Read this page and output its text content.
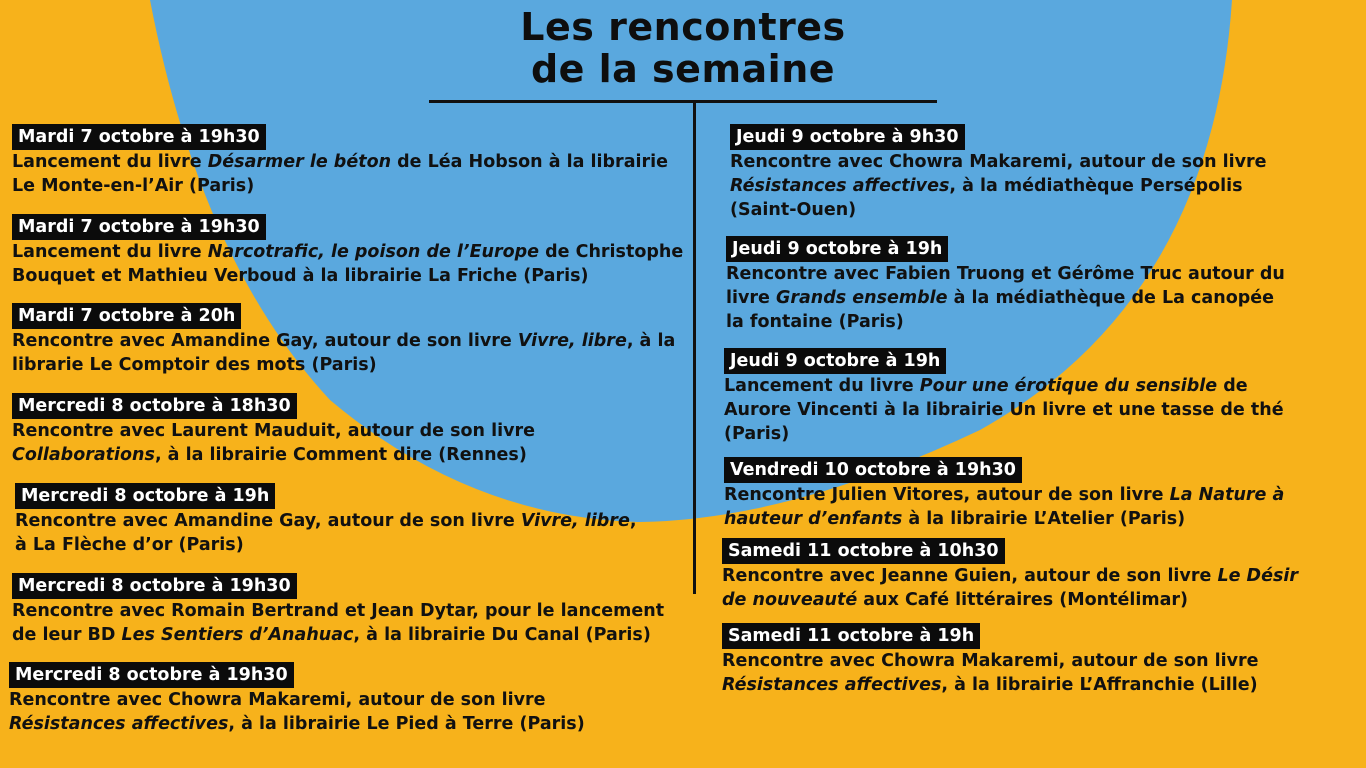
Les rencontres
de la semaine
Mardi 7 octobre à 19h30
Lancement du livre Désarmer le béton de Léa Hobson à la librairie
Le Monte-en-l’Air (Paris)
Mardi 7 octobre à 19h30
Lancement du livre Narcotrafic, le poison de l’Europe de Christophe
Bouquet et Mathieu Verboud à la librairie La Friche (Paris)
Mardi 7 octobre à 20h
Rencontre avec Amandine Gay, autour de son livre Vivre, libre, à la
librarie Le Comptoir des mots (Paris)
Mercredi 8 octobre à 18h30
Rencontre avec Laurent Mauduit, autour de son livre
Collaborations, à la librairie Comment dire (Rennes)
Mercredi 8 octobre à 19h
Rencontre avec Amandine Gay, autour de son livre Vivre, libre,
à La Flèche d’or (Paris)
Mercredi 8 octobre à 19h30
Rencontre avec Romain Bertrand et Jean Dytar, pour le lancement
de leur BD Les Sentiers d’Anahuac, à la librairie Du Canal (Paris)
Mercredi 8 octobre à 19h30
Rencontre avec Chowra Makaremi, autour de son livre
Résistances affectives, à la librairie Le Pied à Terre (Paris)
Jeudi 9 octobre à 9h30
Rencontre avec Chowra Makaremi, autour de son livre
Résistances affectives, à la médiathèque Persépolis
(Saint-Ouen)
Jeudi 9 octobre à 19h
Rencontre avec Fabien Truong et Gérôme Truc autour du
livre Grands ensemble à la médiathèque de La canopée
la fontaine (Paris)
Jeudi 9 octobre à 19h
Lancement du livre Pour une érotique du sensible de
Aurore Vincenti à la librairie Un livre et une tasse de thé
(Paris)
Vendredi 10 octobre à 19h30
Rencontre Julien Vitores, autour de son livre La Nature à
hauteur d’enfants à la librairie L’Atelier (Paris)
Samedi 11 octobre à 10h30
Rencontre avec Jeanne Guien, autour de son livre Le Désir
de nouveauté aux Café littéraires (Montélimar)
Samedi 11 octobre à 19h
Rencontre avec Chowra Makaremi, autour de son livre
Résistances affectives, à la librairie L’Affranchie (Lille)
